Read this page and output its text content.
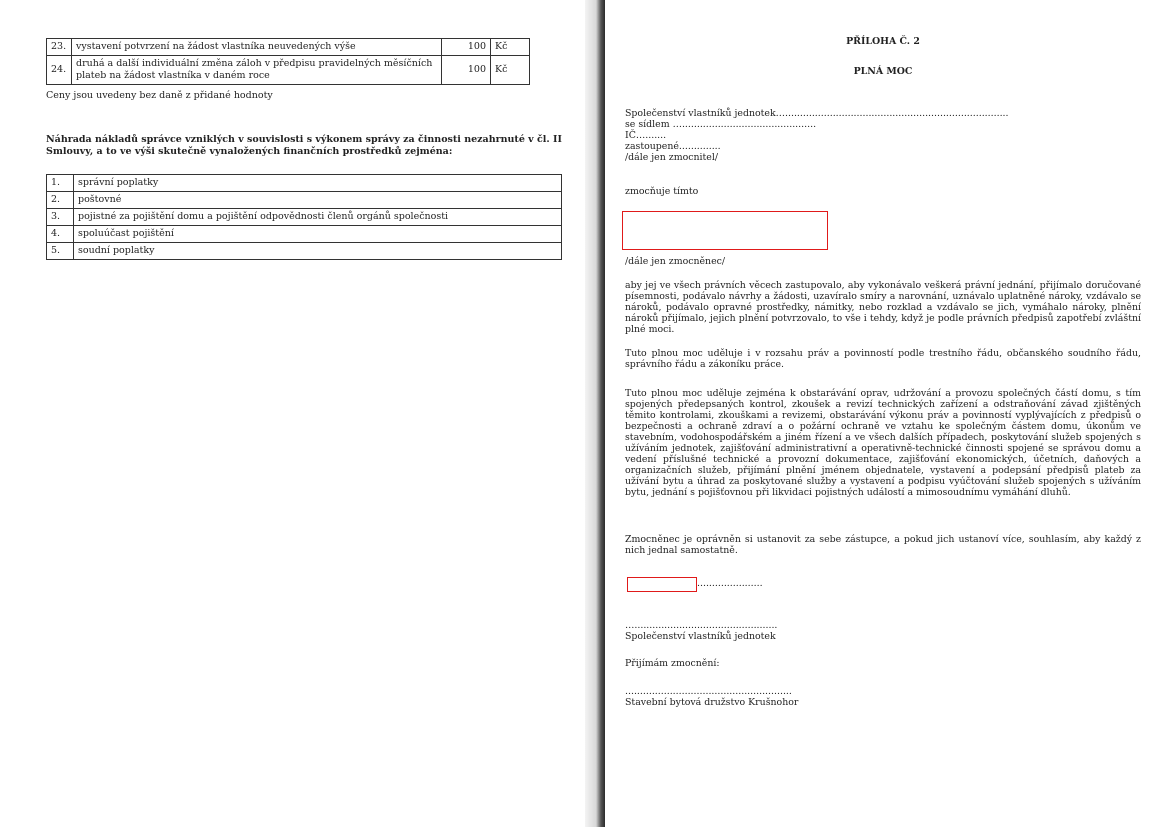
23.	vystavení potvrzení na žádost vlastníka neuvedených výše	100	Kč
24.	druhá a další individuální změna záloh v předpisu pravidelných měsíčních plateb na žádost vlastníka v daném roce	100	Kč
Ceny jsou uvedeny bez daně z přidané hodnoty
Náhrada nákladů správce vzniklých v souvislosti s výkonem správy za činnosti nezahrnuté v čl. II Smlouvy, a to ve výši skutečně vynaložených finančních prostředků zejména:
1.	správní poplatky
2.	poštovné
3.	pojistné za pojištění domu a pojištění odpovědnosti členů orgánů společnosti
4.	spoluúčast pojištění
5.	soudní poplatky
PŘÍLOHA Č. 2
PLNÁ MOC
Společenství vlastníků jednotek…...........................................................................
se sídlem ….............................................
IČ….......
zastoupené..............
/dále jen zmocnitel/
zmocňuje tímto
/dále jen zmocněnec/
aby jej ve všech právních věcech zastupovalo, aby vykonávalo veškerá právní jednání, přijímalo doručované písemnosti, podávalo návrhy a žádosti, uzavíralo smíry a narovnání, uznávalo uplatněné nároky, vzdávalo se nároků, podávalo opravné prostředky, námitky, nebo rozklad a vzdávalo se jich, vymáhalo nároky, plnění nároků přijímalo, jejich plnění potvrzovalo, to vše i tehdy, když je podle právních předpisů zapotřebí zvláštní plné moci.
Tuto plnou moc uděluje i v rozsahu práv a povinností podle trestního řádu, občanského soudního řádu, správního řádu a zákoníku práce.
Tuto plnou moc uděluje zejména k obstarávání oprav, udržování a provozu společných částí domu, s tím spojených předepsaných kontrol, zkoušek a revizí technických zařízení a odstraňování závad zjištěných těmito kontrolami, zkouškami a revizemi, obstarávání výkonu práv a povinností vyplývajících z předpisů o bezpečnosti a ochraně zdraví a o požární ochraně ve vztahu ke společným částem domu, úkonům ve stavebním, vodohospodářském a jiném řízení a ve všech dalších případech, poskytování služeb spojených s užíváním jednotek, zajišťování administrativní a operativně-technické činnosti spojené se správou domu a vedení příslušné technické a provozní dokumentace, zajišťování ekonomických, účetních, daňových a organizačních služeb, přijímání plnění jménem objednatele, vystavení a podepsání předpisů plateb za užívání bytu a úhrad za poskytované služby a vystavení a podpisu vyúčtování služeb spojených s užíváním bytu, jednání s pojišťovnou při likvidaci pojistných událostí a mimosoudnímu vymáhání dluhů.
Zmocněnec je oprávněn si ustanovit za sebe zástupce, a pokud jich ustanoví více, souhlasím, aby každý z nich jednal samostatně.
......................
…................................................
Společenství vlastníků jednotek
Přijímám zmocnění:
........................................................
Stavební bytová družstvo Krušnohor
